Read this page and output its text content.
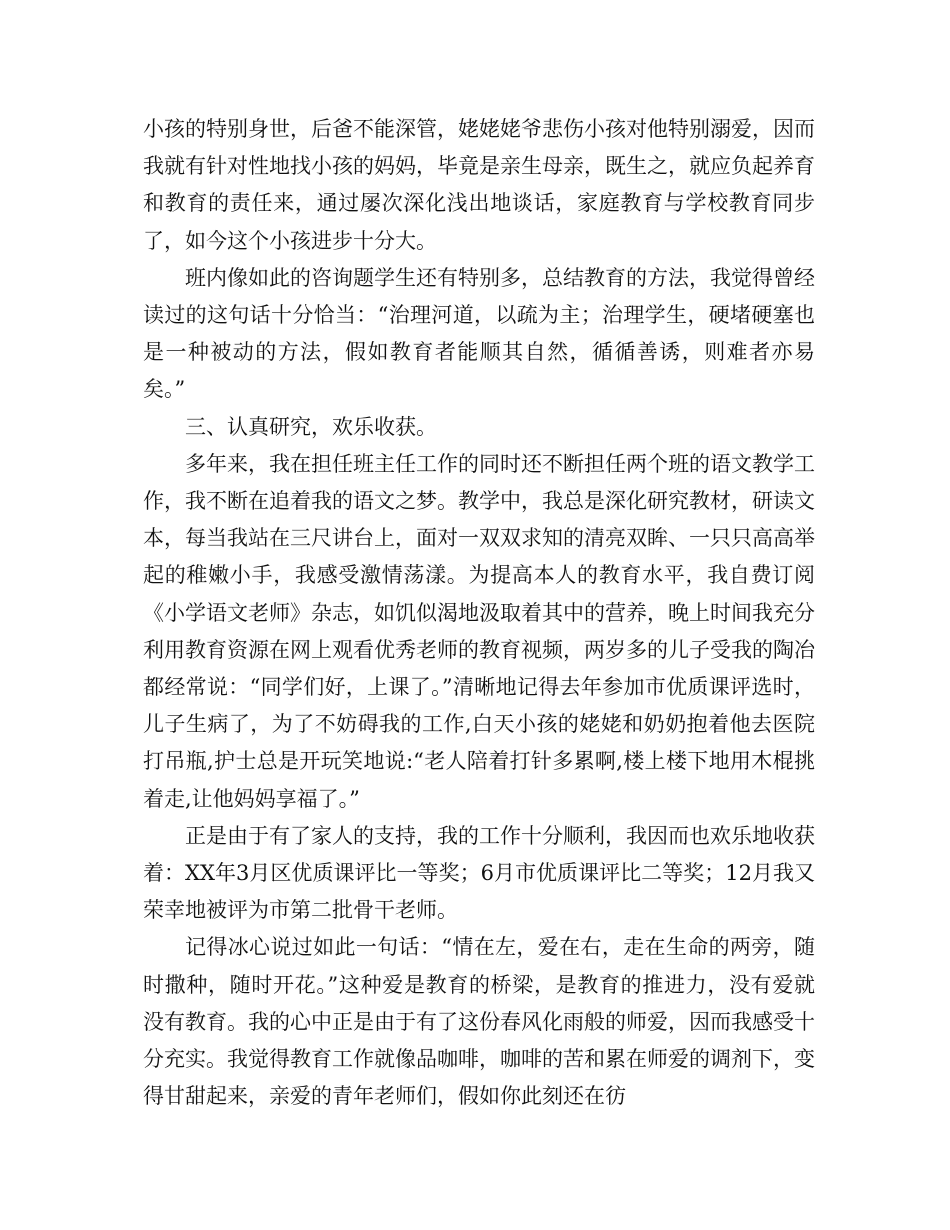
小孩的特别身世，后爸不能深管，姥姥姥爷悲伤小孩对他特别溺爱，因而我就有针对性地找小孩的妈妈，毕竟是亲生母亲，既生之，就应负起养育和教育的责任来，通过屡次深化浅出地谈话，家庭教育与学校教育同步了，如今这个小孩进步十分大。

班内像如此的咨询题学生还有特别多，总结教育的方法，我觉得曾经读过的这句话十分恰当：“治理河道，以疏为主；治理学生，硬堵硬塞也是一种被动的方法，假如教育者能顺其自然，循循善诱，则难者亦易矣。”

三、认真研究，欢乐收获。

多年来，我在担任班主任工作的同时还不断担任两个班的语文教学工作，我不断在追着我的语文之梦。教学中，我总是深化研究教材，研读文本，每当我站在三尺讲台上，面对一双双求知的清亮双眸、一只只高高举起的稚嫩小手，我感受激情荡漾。为提高本人的教育水平，我自费订阅《小学语文老师》杂志，如饥似渴地汲取着其中的营养，晚上时间我充分利用教育资源在网上观看优秀老师的教育视频，两岁多的儿子受我的陶冶都经常说：“同学们好，上课了。”清晰地记得去年参加市优质课评选时，儿子生病了，为了不妨碍我的工作,白天小孩的姥姥和奶奶抱着他去医院打吊瓶,护士总是开玩笑地说:“老人陪着打针多累啊,楼上楼下地用木棍挑着走,让他妈妈享福了。”

正是由于有了家人的支持，我的工作十分顺利，我因而也欢乐地收获着：XX年3月区优质课评比一等奖；6月市优质课评比二等奖；12月我又荣幸地被评为市第二批骨干老师。

记得冰心说过如此一句话：“情在左，爱在右，走在生命的两旁，随时撒种，随时开花。”这种爱是教育的桥梁，是教育的推进力，没有爱就没有教育。我的心中正是由于有了这份春风化雨般的师爱，因而我感受十分充实。我觉得教育工作就像品咖啡，咖啡的苦和累在师爱的调剂下，变得甘甜起来，亲爱的青年老师们，假如你此刻还在彷
